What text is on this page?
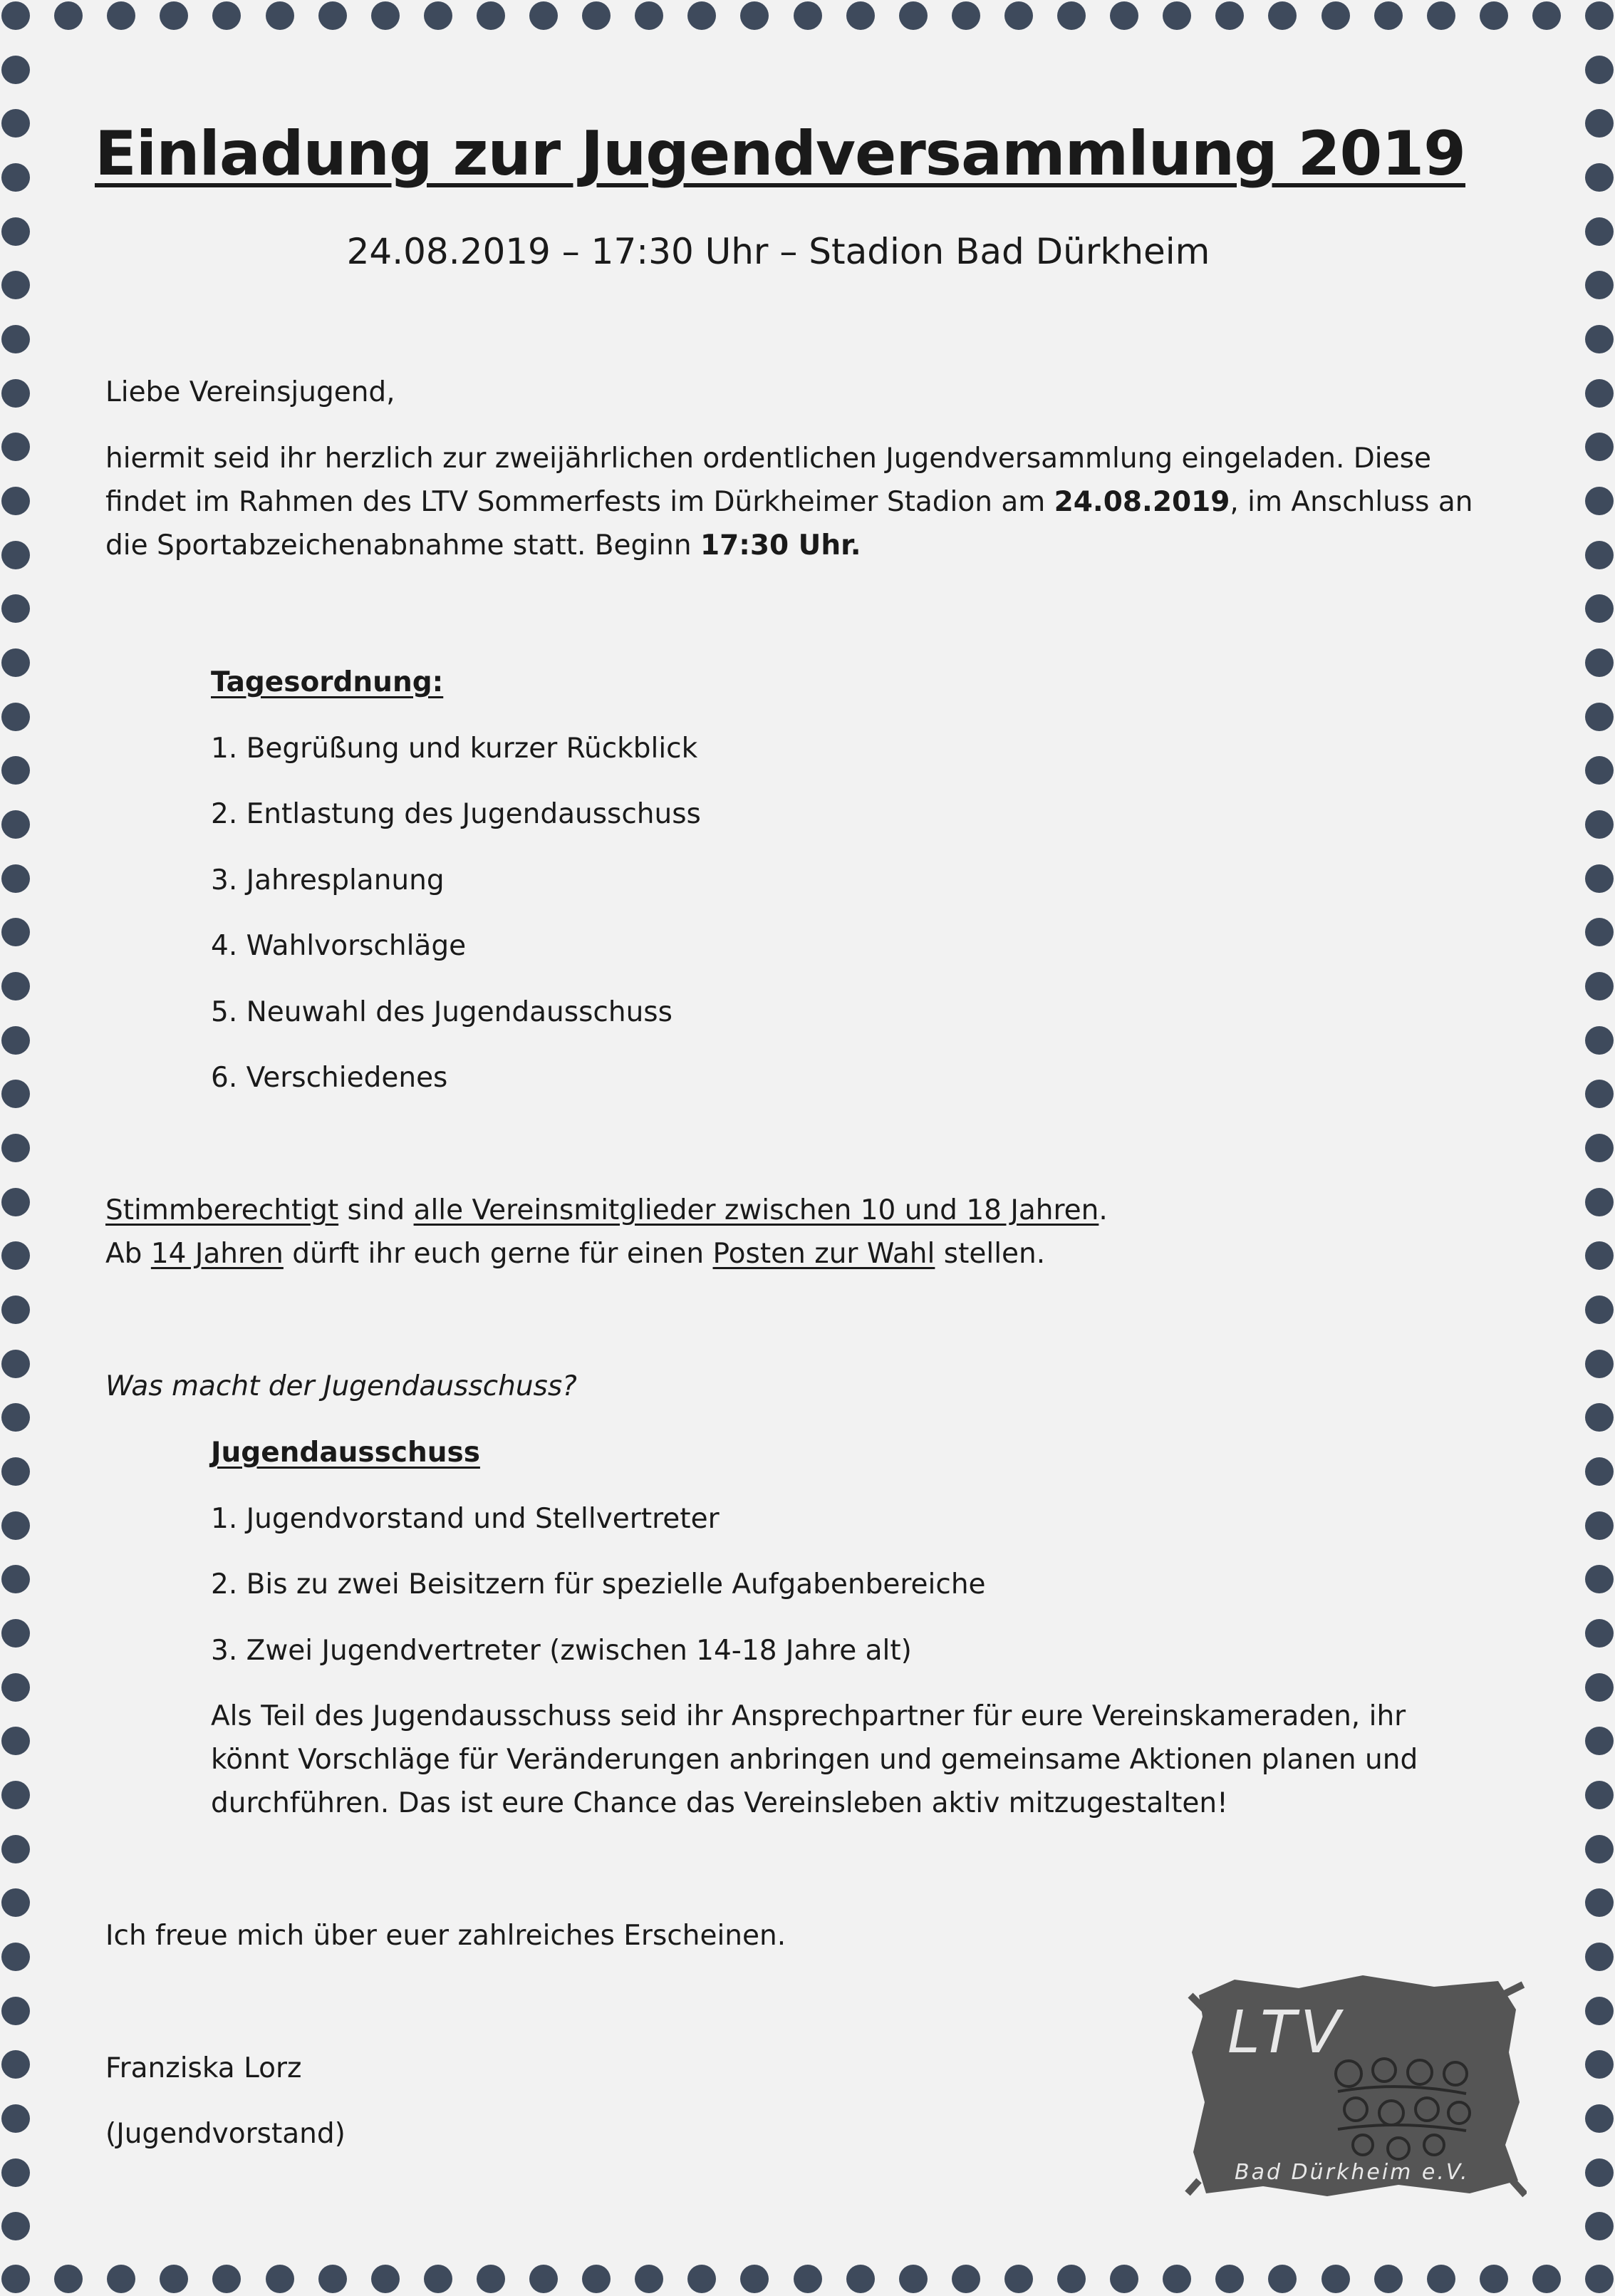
Einladung zur Jugendversammlung 2019
24.08.2019 – 17:30 Uhr – Stadion Bad Dürkheim
Liebe Vereinsjugend,
hiermit seid ihr herzlich zur zweijährlichen ordentlichen Jugendversammlung eingeladen. Diese
findet im Rahmen des LTV Sommerfests im Dürkheimer Stadion am 24.08.2019, im Anschluss an
die Sportabzeichenabnahme statt. Beginn 17:30 Uhr.
Tagesordnung:
1. Begrüßung und kurzer Rückblick
2. Entlastung des Jugendausschuss
3. Jahresplanung
4. Wahlvorschläge
5. Neuwahl des Jugendausschuss
6. Verschiedenes
Stimmberechtigt sind alle Vereinsmitglieder zwischen 10 und 18 Jahren.
Ab 14 Jahren dürft ihr euch gerne für einen Posten zur Wahl stellen.
Was macht der Jugendausschuss?
Jugendausschuss
1. Jugendvorstand und Stellvertreter
2. Bis zu zwei Beisitzern für spezielle Aufgabenbereiche
3. Zwei Jugendvertreter (zwischen 14-18 Jahre alt)
Als Teil des Jugendausschuss seid ihr Ansprechpartner für eure Vereinskameraden, ihr
könnt Vorschläge für Veränderungen anbringen und gemeinsame Aktionen planen und
durchführen. Das ist eure Chance das Vereinsleben aktiv mitzugestalten!
Ich freue mich über euer zahlreiches Erscheinen.
Franziska Lorz
(Jugendvorstand)
LTV
Bad Dürkheim e.V.
